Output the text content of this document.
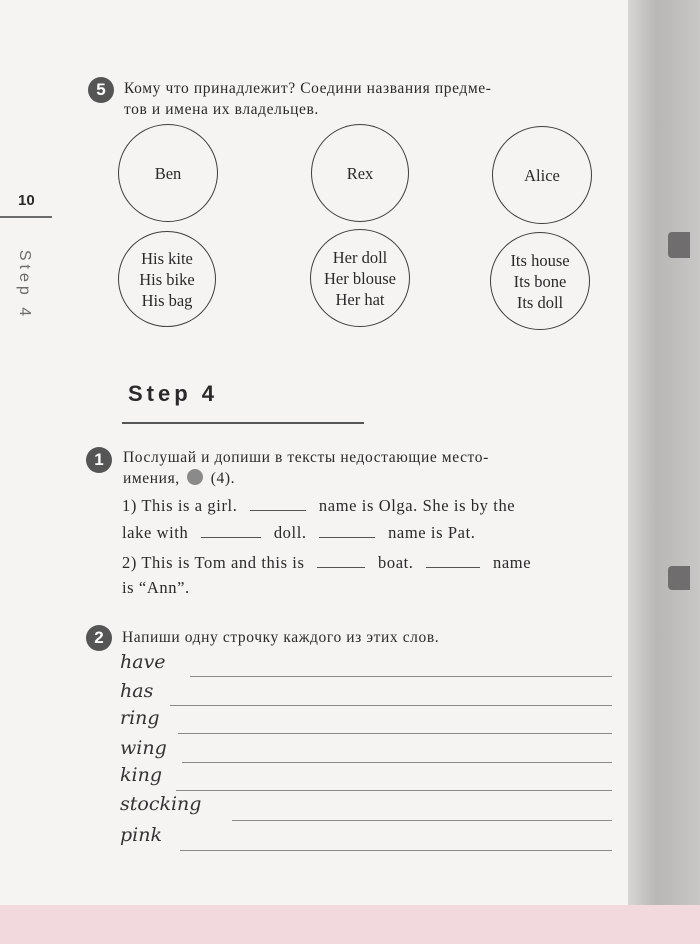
10
Step 4
5	Кому что принадлежит? Соедини названия предме-
тов и имена их владельцев.
Ben	Rex	Alice
His kite
His bike
His bag
Her doll
Her blouse
Her hat
Its house
Its bone
Its doll
Step 4
1	Послушай и допиши в тексты недостающие место-
имения, (4).
1) This is a girl.	name is Olga. She is by the
lake with	doll.	name is Pat.
2) This is Tom and this is	boat.	name
is “Ann”.
2	Напиши одну строчку каждого из этих слов.
have
has
ring
wing
king
stocking
pink
